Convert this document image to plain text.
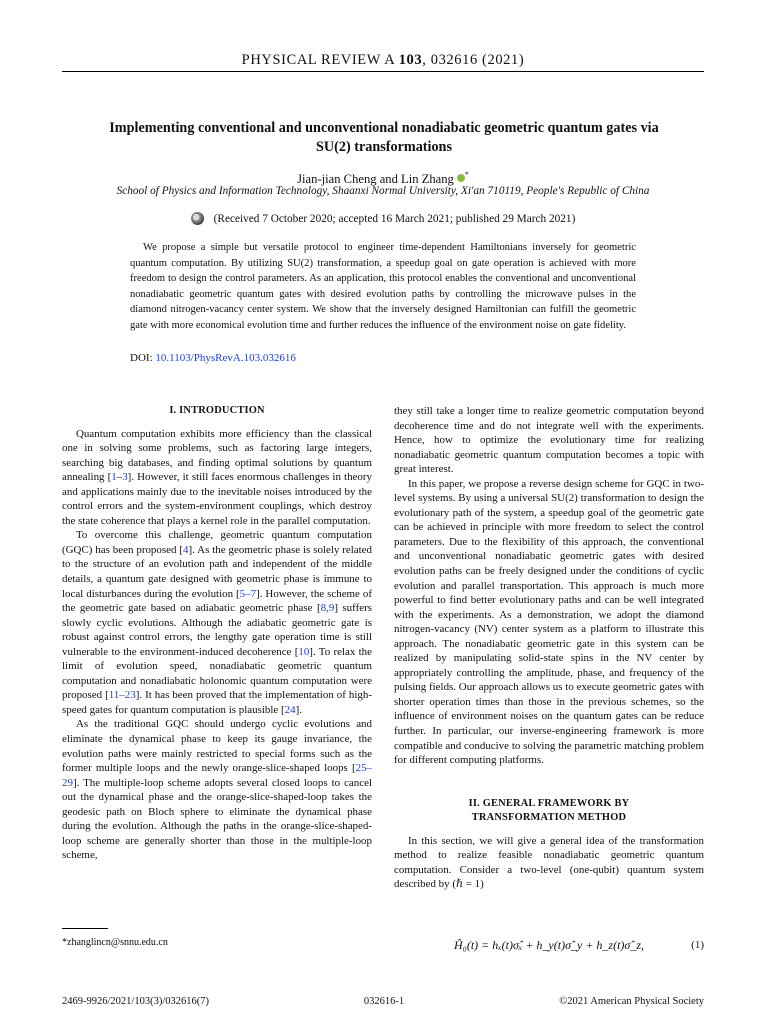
PHYSICAL REVIEW A 103, 032616 (2021)
Implementing conventional and unconventional nonadiabatic geometric quantum gates via SU(2) transformations
Jian-jian Cheng and Lin Zhang *
School of Physics and Information Technology, Shaanxi Normal University, Xi'an 710119, People's Republic of China
(Received 7 October 2020; accepted 16 March 2021; published 29 March 2021)

We propose a simple but versatile protocol to engineer time-dependent Hamiltonians inversely for geometric quantum computation. By utilizing SU(2) transformation, a speedup goal on gate operation is achieved with more freedom to design the control parameters. As an application, this protocol enables the conventional and unconventional nonadiabatic geometric quantum gates with desired evolution paths by controlling the microwave pulses in the diamond nitrogen-vacancy center system. We show that the inversely designed Hamiltonian can fulfill the geometric gate with more economical evolution time and further reduces the influence of the environment noise on gate fidelity.

DOI: 10.1103/PhysRevA.103.032616
I. INTRODUCTION

Quantum computation exhibits more efficiency than the classical one in solving some problems, such as factoring large integers, searching big databases, and finding optimal solutions by quantum annealing [1–3]. However, it still faces enormous challenges in theory and applications mainly due to the inevitable noises introduced by the control errors and the system-environment couplings, which destroy the state coherence that plays a kernel role in the parallel computation.

To overcome this challenge, geometric quantum computation (GQC) has been proposed [4]. As the geometric phase is solely related to the structure of an evolution path and independent of the middle details, a quantum gate designed with geometric phase is immune to local disturbances during the evolution [5–7]. However, the scheme of the geometric gate based on adiabatic geometric phase [8,9] suffers slowly cyclic evolutions. Although the adiabatic geometric gate is robust against control errors, the lengthy gate operation time is still vulnerable to the environment-induced decoherence [10]. To relax the limit of evolution speed, nonadiabatic geometric quantum computation and nonadiabatic holonomic quantum computation were proposed [11–23]. It has been proved that the implementation of high-speed gates for quantum computation is plausible [24].

As the traditional GQC should undergo cyclic evolutions and eliminate the dynamical phase to keep its gauge invariance, the evolution paths were mainly restricted to special forms such as the former multiple loops and the newly orange-slice-shaped loops [25–29]. The multiple-loop scheme adopts several closed loops to cancel out the dynamical phase and the orange-slice-shaped-loop takes the geodesic path on Bloch sphere to eliminate the dynamical phase during the evolution. Although the paths in the orange-slice-shaped-loop scheme are generally shorter than those in the multiple-loop scheme,

they still take a longer time to realize geometric computation beyond decoherence time and do not integrate well with the experiments. Hence, how to optimize the evolutionary time for realizing nonadiabatic geometric quantum computation becomes a topic with great interest.

In this paper, we propose a reverse design scheme for GQC in two-level systems. By using a universal SU(2) transformation to design the evolutionary path of the system, a speedup goal of the geometric gate can be achieved in principle with more freedom to select the control parameters. Due to the flexibility of this approach, the conventional and unconventional nonadiabatic geometric gates with desired evolution paths can be freely designed under the conditions of cyclic evolution and parallel transportation. This approach is much more powerful to find better evolutionary paths and can be well integrated with the experiments. As a demonstration, we adopt the diamond nitrogen-vacancy (NV) center system as a platform to illustrate this approach. The nonadiabatic geometric gate in this system can be realized by manipulating solid-state spins in the NV center by appropriately controlling the amplitude, phase, and frequency of the pulsing fields. Our approach allows us to execute geometric gates with shorter operation times than those in the previous schemes, so the influence of environment noises on the quantum gates can be reduce further. In particular, our inverse-engineering framework is more compatible and conducive to solving the parametric matching problem for different computing platforms.

II. GENERAL FRAMEWORK BY TRANSFORMATION METHOD

In this section, we will give a general idea of the transformation method to realize feasible nonadiabatic geometric quantum computation. Consider a two-level (one-qubit) quantum system described by (ℏ = 1)

*zhanglincn@snnu.edu.cn	Ĥ₀(t) = hₓ(t)σ̂ₓ + h_y(t)σ̂_y + h_z(t)σ̂_z,	(1)
2469-9926/2021/103(3)/032616(7)	032616-1	©2021 American Physical Society
